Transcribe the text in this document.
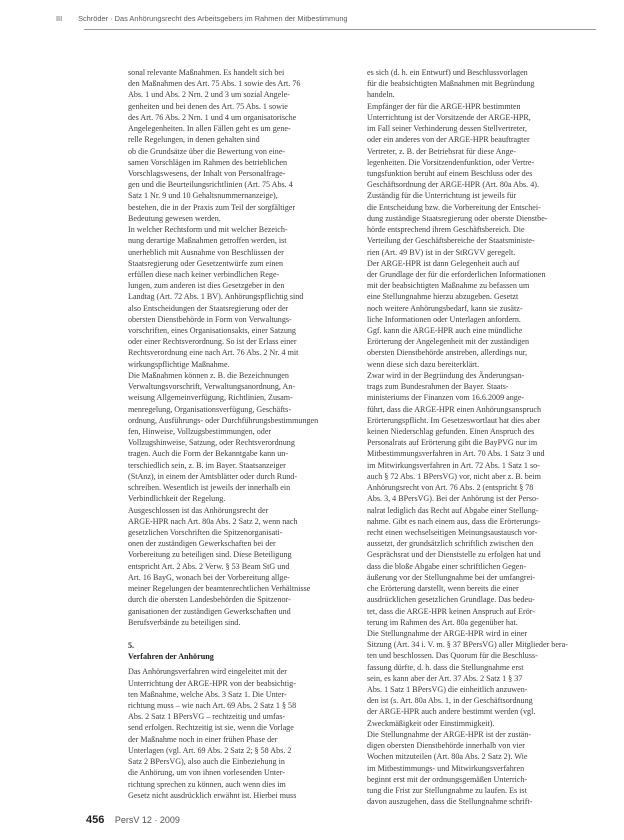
III Schröder · Das Anhörungsrecht des Arbeitsgebers im Rahmen der Mitbestimmung
sonal relevante Maßnahmen. Es handelt sich bei
den Maßnahmen des Art. 75 Abs. 1 sowie des Art. 76
Abs. 1 und Abs. 2 Nrn. 2 und 3 um sozial Angele-
genheiten und bei denen des Art. 75 Abs. 1 sowie
des Art. 76 Abs. 2 Nrn. 1 und 4 um organisatorische
Angelegenheiten. In allen Fällen geht es um gene-
relle Regelungen, in denen gehalten sind
ob die Grundsätze über die Bewertung von eine-
samen Vorschlägen im Rahmen des betrieblichen
Vorschlagswesens, der Inhalt von Personalfrage-
gen und die Beurteilungsrichtlinien (Art. 75 Abs. 4
Satz 1 Nr. 9 und 10 Gehaltsnummernanzeige),
bestehen, die in der Praxis zum Teil der sorgfältiger
Bedeutung gewesen werden.
In welcher Rechtsform und mit welcher Bezeich-
nung derartige Maßnahmen getroffen werden, ist
unerheblich mit Ausnahme von Beschlüssen der
Staatsregierung oder Gesetzentwürfe zum einen
erfüllen diese nach keiner verbindlichen Rege-
lungen, zum anderen ist dies Gesetzgeber in den
Landtag (Art. 72 Abs. 1 BV). Anhörungspflichtig sind
also Entscheidungen der Staatsregierung oder der
obersten Dienstbehörde in Form von Verwaltungs-
vorschriften, eines Organisationsakts, einer Satzung
oder einer Rechtsverordnung. So ist der Erlass einer
Rechtsverordnung eine nach Art. 76 Abs. 2 Nr. 4 mit
wirkungspflichtige Maßnahme.
Die Maßnahmen können z. B. die Bezeichnungen
Verwaltungsvorschrift, Verwaltungsanordnung, An-
weisung Allgemeinverfügung, Richtlinien, Zusam-
menregelung, Organisationsverfügung, Geschäfts-
ordnung, Ausführungs- oder Durchführungsbestimmungen
fen, Hinweise, Vollzugsbestimmungen, oder
Vollzugshinweise, Satzung, oder Rechtsverordnung
tragen. Auch die Form der Bekanntgabe kann un-
terschiedlich sein, z. B. im Bayer. Staatsanzeiger
(StAnz), in einem der Amtsblätter oder durch Rund-
schreiben. Wesentlich ist jeweils der innerhalb ein
Verbindlichkeit der Regelung.
Ausgeschlossen ist das Anhörungsrecht der
ARGE-HPR nach Art. 80a Abs. 2 Satz 2, wenn nach
gesetzlichen Vorschriften die Spitzenorganisati-
onen der zuständigen Gewerkschaften bei der
Vorbereitung zu beteiligen sind. Diese Beteiligung
entspricht Art. 2 Abs. 2 Verw. § 53 Beam StG und
Art. 16 BayG, wonach bei der Vorbereitung allge-
meiner Regelungen der beamtenrechtlichen Verhältnisse
durch die obersten Landesbehörden die Spitzenor-
ganisationen der zuständigen Gewerkschaften und
Berufsverbände zu beteiligen sind.
5.
Verfahren der Anhörung
Das Anhörungsverfahren wird eingeleitet mit der
Unterrichtung der ARGE-HPR von der beabsichtig-
ten Maßnahme, welche Abs. 3 Satz 1. Die Unter-
richtung muss – wie nach Art. 69 Abs. 2 Satz 1 § 58
Abs. 2 Satz 1 BPersVG – rechtzeitig und umfas-
send erfolgen. Rechtzeitig ist sie, wenn die Vorlage
der Maßnahme noch in einer frühen Phase der
Unterlagen (vgl. Art. 69 Abs. 2 Satz 2; § 58 Abs. 2
Satz 2 BPersVG), also auch die Einbeziehung in
die Anhörung, um von ihnen vorlesenden Unter-
richtung sprechen zu können, auch wenn dies im
Gesetz nicht ausdrücklich erwähnt ist. Hierbei muss
es sich (d. h. ein Entwurf) und Beschlussvorlagen
für die beabsichtigten Maßnahmen mit Begründung
handeln.
Empfänger der für die ARGE-HPR bestimmten
Unterrichtung ist der Vorsitzende der ARGE-HPR,
im Fall seiner Verhinderung dessen Stellvertreter,
oder ein anderes von der ARGE-HPR beauftragter
Vertreter, z. B. der Betriebsrat für diese Ange-
legenheiten. Die Vorsitzendenfunktion, oder Vertre-
tungsfunktion beruht auf einem Beschluss oder des
Geschäftsordnung der ARGE-HPR (Art. 80a Abs. 4).
Zuständig für die Unterrichtung ist jeweils für
die Entscheidung bzw. die Vorbereitung der Entschei-
dung zuständige Staatsregierung oder oberste Dienstbe-
hörde entsprechend ihrem Geschäftsbereich. Die
Verteilung der Geschäftsbereiche der Staatsministe-
rien (Art. 49 BV) ist in der StRGVV geregelt.
Der ARGE-HPR ist dann Gelegenheit auch auf
der Grundlage der für die erforderlichen Informationen
mit der beabsichtigten Maßnahme zu befassen um
eine Stellungnahme hierzu abzugeben. Gesetzt
noch weitere Anhörungsbedarf, kann sie zusätz-
liche Informationen oder Unterlagen anfordern.
Ggf. kann die ARGE-HPR auch eine mündliche
Erörterung der Angelegenheit mit der zuständigen
obersten Dienstbehörde anstreben, allerdings nur,
wenn diese sich dazu bereiterklärt.
Zwar wird in der Begründung des Änderungsan-
trags zum Bundesrahmen der Bayer. Staats-
ministeriums der Finanzen vom 16.6.2009 ange-
führt, dass die ARGE-HPR einen Anhörungsanspruch
Erörterungspflicht. Im Gesetzeswortlaut hat dies aber
keinen Niederschlag gefunden. Einen Anspruch des
Personalrats auf Erörterung gibt die BayPVG nur im
Mitbestimmungsverfahren in Art. 70 Abs. 1 Satz 3 und
im Mitwirkungsverfahren in Art. 72 Abs. 1 Satz 1 so-
auch § 72 Abs. 1 BPersVG) vor, nicht aber z. B. beim
Anhörungsrecht von Art. 76 Abs. 2 (entspricht § 78
Abs. 3, 4 BPersVG). Bei der Anhörung ist der Perso-
nalrat lediglich das Recht auf Abgabe einer Stellung-
nahme. Gibt es nach einem aus, dass die Erörterungs-
recht einen wechselseitigen Meinungsaustausch vor-
aussetzt, der grundsätzlich schriftlich zwischen den
Gesprächsrat und der Dienststelle zu erfolgen hat und
dass die bloße Abgabe einer schriftlichen Gegen-
äußerung vor der Stellungnahme bei der umfangrei-
che Erörterung darstellt, wenn bereits die einer
ausdrücklichen gesetzlichen Grundlage. Das bedeu-
tet, dass die ARGE-HPR keinen Anspruch auf Erör-
terung im Rahmen des Art. 80a gegenüber hat.
Die Stellungnahme der ARGE-HPR wird in einer
Sitzung (Art. 34 i. V. m. § 37 BPersVG) aller Mitglieder bera-
ten und beschlossen. Das Quorum für die Beschluss-
fassung dürfte, d. h. dass die Stellungnahme erst
sein, es kann aber der Art. 37 Abs. 2 Satz 1 § 37
Abs. 1 Satz 1 BPersVG) die einheitlich anzuwen-
den ist (s. Art. 80a Abs. 1, in der Geschäftsordnung
der ARGE-HPR auch andere bestimmt werden (vgl.
Zweckmäßigkeit oder Einstimmigkeit).
Die Stellungnahme der ARGE-HPR ist der zustän-
digen obersten Dienstbehörde innerhalb von vier
Wochen mitzuteilen (Art. 80a Abs. 2 Satz 2). Wie
im Mitbestimmungs- und Mitwirkungsverfahren
beginnt erst mit der ordnungsgemäßen Unterrich-
tung die Frist zur Stellungnahme zu laufen. Es ist
davon auszugehen, dass die Stellungnahme schrift-
456 PersV 12 · 2009
